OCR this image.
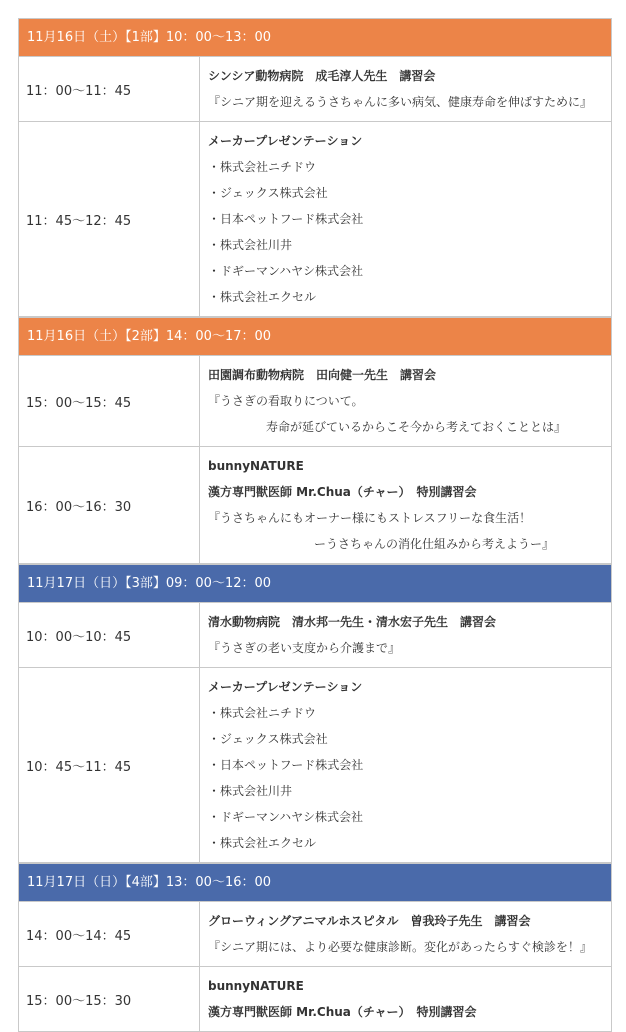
11月16日（土）【1部】10：00〜13：00
11：00〜11：45
シンシア動物病院　成毛淳人先生　講習会
『シニア期を迎えるうさちゃんに多い病気、健康寿命を伸ばすために』
11：45〜12：45
メーカープレゼンテーション
・株式会社ニチドウ
・ジェックス株式会社
・日本ペットフード株式会社
・株式会社川井
・ドギーマンハヤシ株式会社
・株式会社エクセル
11月16日（土）【2部】14：00〜17：00
15：00〜15：45
田園調布動物病院　田向健一先生　講習会
『うさぎの看取りについて。
寿命が延びているからこそ今から考えておくこととは』
16：00〜16：30
bunnyNATURE
漢方専門獣医師 Mr.Chua（チャー）　特別講習会
『うさちゃんにもオーナー様にもストレスフリーな食生活！
ーうさちゃんの消化仕組みから考えようー』
11月17日（日）【3部】09：00〜12：00
10：00〜10：45
清水動物病院　清水邦一先生・清水宏子先生　講習会
『うさぎの老い支度から介護まで』
10：45〜11：45
メーカープレゼンテーション
・株式会社ニチドウ
・ジェックス株式会社
・日本ペットフード株式会社
・株式会社川井
・ドギーマンハヤシ株式会社
・株式会社エクセル
11月17日（日）【4部】13：00〜16：00
14：00〜14：45
グローウィングアニマルホスピタル　曽我玲子先生　講習会
『シニア期には、より必要な健康診断。変化があったらすぐ検診を！』
15：00〜15：30
bunnyNATURE
漢方専門獣医師 Mr.Chua（チャー）　特別講習会
